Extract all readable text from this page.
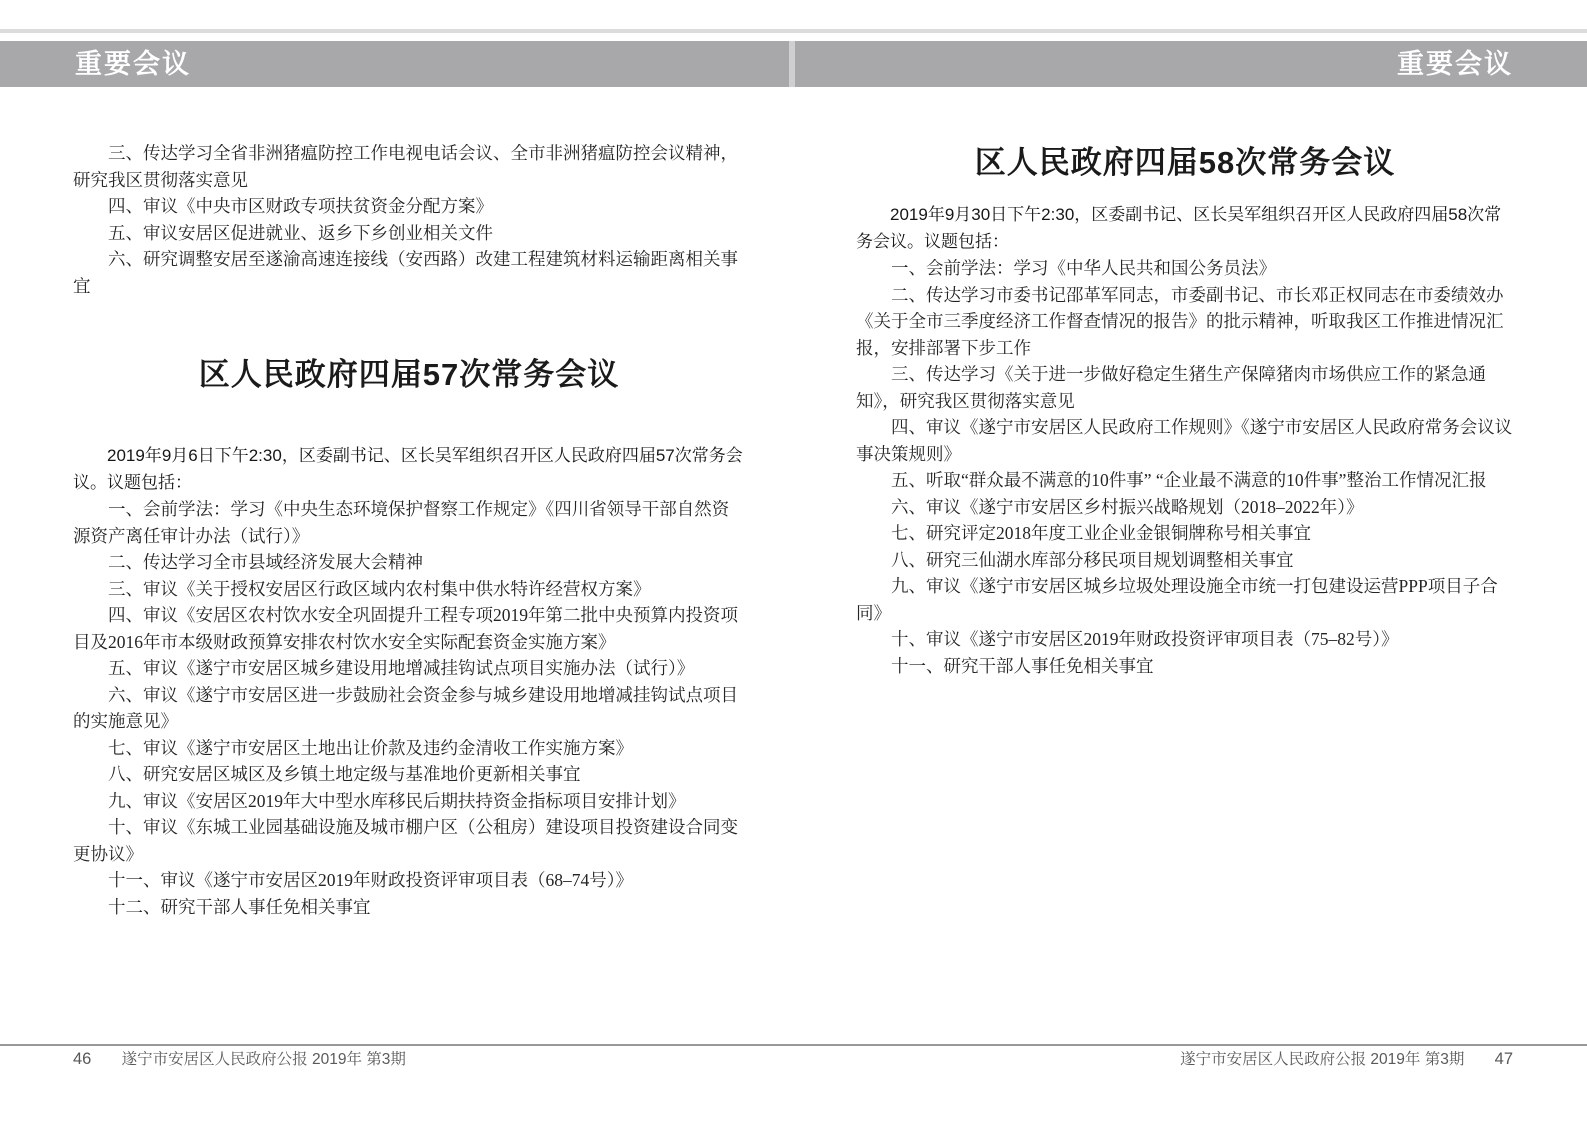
重要会议	重要会议

三、传达学习全省非洲猪瘟防控工作电视电话会议、全市非洲猪瘟防控会议精神，研究我区贯彻落实意见

四、审议《中央市区财政专项扶贫资金分配方案》

五、审议安居区促进就业、返乡下乡创业相关文件

六、研究调整安居至遂渝高速连接线（安西路）改建工程建筑材料运输距离相关事宜

区人民政府四届57次常务会议

2019年9月6日下午2:30，区委副书记、区长吴军组织召开区人民政府四届57次常务会议。议题包括：

一、会前学法：学习《中央生态环境保护督察工作规定》《四川省领导干部自然资源资产离任审计办法（试行）》

二、传达学习全市县域经济发展大会精神

三、审议《关于授权安居区行政区域内农村集中供水特许经营权方案》

四、审议《安居区农村饮水安全巩固提升工程专项2019年第二批中央预算内投资项目及2016年市本级财政预算安排农村饮水安全实际配套资金实施方案》

五、审议《遂宁市安居区城乡建设用地增减挂钩试点项目实施办法（试行）》

六、审议《遂宁市安居区进一步鼓励社会资金参与城乡建设用地增减挂钩试点项目的实施意见》

七、审议《遂宁市安居区土地出让价款及违约金清收工作实施方案》

八、研究安居区城区及乡镇土地定级与基准地价更新相关事宜

九、审议《安居区2019年大中型水库移民后期扶持资金指标项目安排计划》

十、审议《东城工业园基础设施及城市棚户区（公租房）建设项目投资建设合同变更协议》

十一、审议《遂宁市安居区2019年财政投资评审项目表（68–74号）》

十二、研究干部人事任免相关事宜

区人民政府四届58次常务会议

2019年9月30日下午2:30，区委副书记、区长吴军组织召开区人民政府四届58次常务会议。议题包括：

一、会前学法：学习《中华人民共和国公务员法》

二、传达学习市委书记邵革军同志，市委副书记、市长邓正权同志在市委绩效办《关于全市三季度经济工作督查情况的报告》的批示精神，听取我区工作推进情况汇报，安排部署下步工作

三、传达学习《关于进一步做好稳定生猪生产保障猪肉市场供应工作的紧急通知》，研究我区贯彻落实意见

四、审议《遂宁市安居区人民政府工作规则》《遂宁市安居区人民政府常务会议议事决策规则》

五、听取“群众最不满意的10件事” “企业最不满意的10件事”整治工作情况汇报

六、审议《遂宁市安居区乡村振兴战略规划（2018–2022年）》

七、研究评定2018年度工业企业金银铜牌称号相关事宜

八、研究三仙湖水库部分移民项目规划调整相关事宜

九、审议《遂宁市安居区城乡垃圾处理设施全市统一打包建设运营PPP项目子合同》

十、审议《遂宁市安居区2019年财政投资评审项目表（75–82号）》

十一、研究干部人事任免相关事宜

46 遂宁市安居区人民政府公报 2019年 第3期	遂宁市安居区人民政府公报 2019年 第3期 47
